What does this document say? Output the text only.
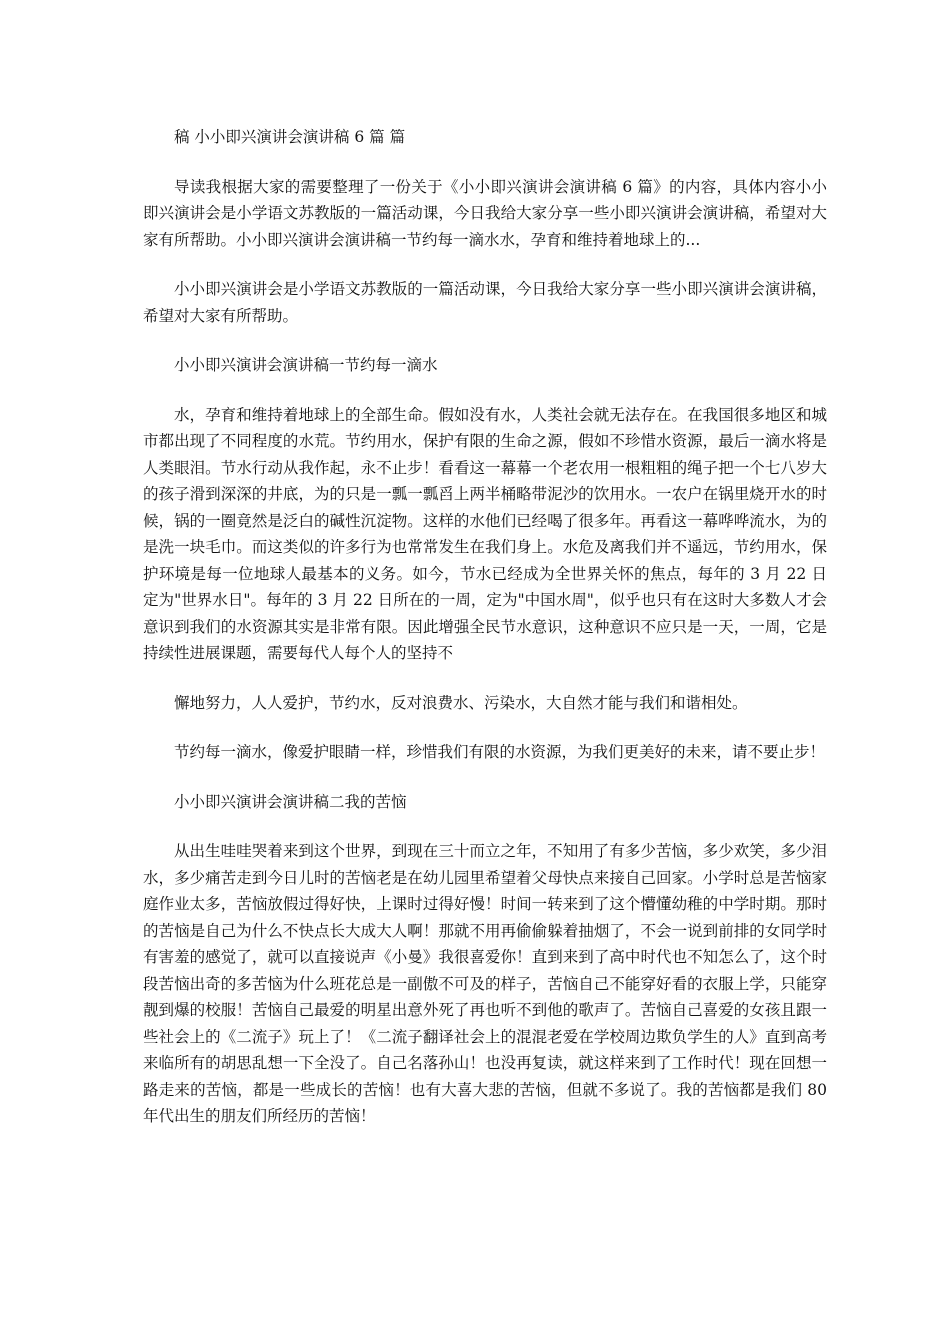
稿 小小即兴演讲会演讲稿 6 篇 篇

导读我根据大家的需要整理了一份关于《小小即兴演讲会演讲稿 6 篇》的内容，具体内容小小即兴演讲会是小学语文苏教版的一篇活动课，今日我给大家分享一些小即兴演讲会演讲稿，希望对大家有所帮助。小小即兴演讲会演讲稿一节约每一滴水水，孕育和维持着地球上的...

小小即兴演讲会是小学语文苏教版的一篇活动课，今日我给大家分享一些小即兴演讲会演讲稿，希望对大家有所帮助。

小小即兴演讲会演讲稿一节约每一滴水

水，孕育和维持着地球上的全部生命。假如没有水，人类社会就无法存在。在我国很多地区和城市都出现了不同程度的水荒。节约用水，保护有限的生命之源，假如不珍惜水资源，最后一滴水将是人类眼泪。节水行动从我作起，永不止步！看看这一幕幕一个老农用一根粗粗的绳子把一个七八岁大的孩子滑到深深的井底，为的只是一瓢一瓢舀上两半桶略带泥沙的饮用水。一农户在锅里烧开水的时候，锅的一圈竟然是泛白的碱性沉淀物。这样的水他们已经喝了很多年。再看这一幕哗哗流水，为的是洗一块毛巾。而这类似的许多行为也常常发生在我们身上。水危及离我们并不遥远，节约用水，保护环境是每一位地球人最基本的义务。如今，节水已经成为全世界关怀的焦点，每年的 3 月 22 日定为"世界水日"。每年的 3 月 22 日所在的一周，定为"中国水周"，似乎也只有在这时大多数人才会意识到我们的水资源其实是非常有限。因此增强全民节水意识，这种意识不应只是一天，一周，它是持续性进展课题，需要每代人每个人的坚持不

懈地努力，人人爱护，节约水，反对浪费水、污染水，大自然才能与我们和谐相处。

节约每一滴水，像爱护眼睛一样，珍惜我们有限的水资源，为我们更美好的未来，请不要止步！

小小即兴演讲会演讲稿二我的苦恼

从出生哇哇哭着来到这个世界，到现在三十而立之年，不知用了有多少苦恼，多少欢笑，多少泪水，多少痛苦走到今日儿时的苦恼老是在幼儿园里希望着父母快点来接自己回家。小学时总是苦恼家庭作业太多，苦恼放假过得好快，上课时过得好慢！时间一转来到了这个懵懂幼稚的中学时期。那时的苦恼是自己为什么不快点长大成大人啊！那就不用再偷偷躲着抽烟了，不会一说到前排的女同学时有害羞的感觉了，就可以直接说声《小曼》我很喜爱你！直到来到了高中时代也不知怎么了，这个时段苦恼出奇的多苦恼为什么班花总是一副傲不可及的样子，苦恼自己不能穿好看的衣服上学，只能穿靓到爆的校服！苦恼自己最爱的明星出意外死了再也听不到他的歌声了。苦恼自己喜爱的女孩且跟一些社会上的《二流子》玩上了！《二流子翻译社会上的混混老爱在学校周边欺负学生的人》直到高考来临所有的胡思乱想一下全没了。自己名落孙山！也没再复读，就这样来到了工作时代！现在回想一路走来的苦恼，都是一些成长的苦恼！也有大喜大悲的苦恼，但就不多说了。我的苦恼都是我们 80 年代出生的朋友们所经历的苦恼！
